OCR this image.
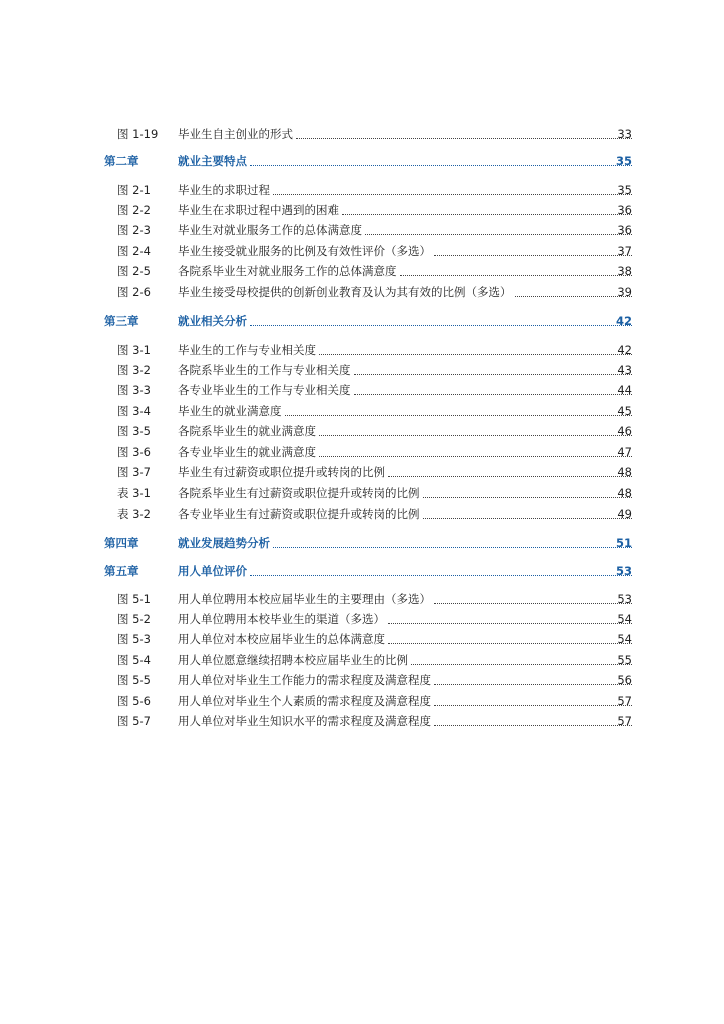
图 1-19 毕业生自主创业的形式	33
第二章	就业主要特点	35
图 2-1 毕业生的求职过程	35
图 2-2 毕业生在求职过程中遇到的困难	36
图 2-3 毕业生对就业服务工作的总体满意度	36
图 2-4 毕业生接受就业服务的比例及有效性评价（多选）	37
图 2-5 各院系毕业生对就业服务工作的总体满意度	38
图 2-6 毕业生接受母校提供的创新创业教育及认为其有效的比例（多选）	39
第三章	就业相关分析	42
图 3-1 毕业生的工作与专业相关度	42
图 3-2 各院系毕业生的工作与专业相关度	43
图 3-3 各专业毕业生的工作与专业相关度	44
图 3-4 毕业生的就业满意度	45
图 3-5 各院系毕业生的就业满意度	46
图 3-6 各专业毕业生的就业满意度	47
图 3-7 毕业生有过薪资或职位提升或转岗的比例	48
表 3-1 各院系毕业生有过薪资或职位提升或转岗的比例	48
表 3-2 各专业毕业生有过薪资或职位提升或转岗的比例	49
第四章	就业发展趋势分析	51
第五章	用人单位评价	53
图 5-1 用人单位聘用本校应届毕业生的主要理由（多选）	53
图 5-2 用人单位聘用本校毕业生的渠道（多选）	54
图 5-3 用人单位对本校应届毕业生的总体满意度	54
图 5-4 用人单位愿意继续招聘本校应届毕业生的比例	55
图 5-5 用人单位对毕业生工作能力的需求程度及满意程度	56
图 5-6 用人单位对毕业生个人素质的需求程度及满意程度	57
图 5-7 用人单位对毕业生知识水平的需求程度及满意程度	57
